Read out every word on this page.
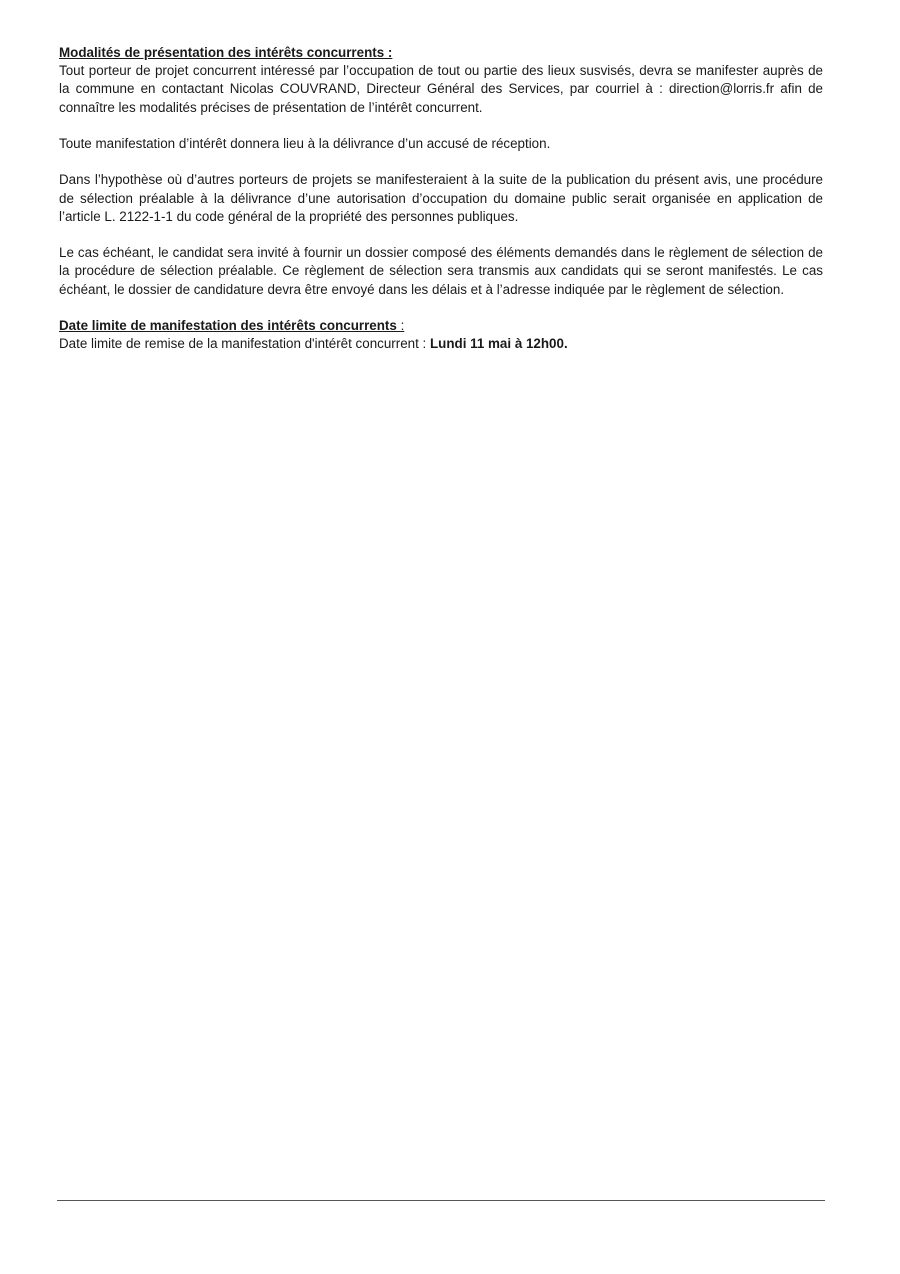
Modalités de présentation des intérêts concurrents :

Tout porteur de projet concurrent intéressé par l’occupation de tout ou partie des lieux susvisés, devra se manifester auprès de la commune en contactant Nicolas COUVRAND, Directeur Général des Services, par courriel à : direction@lorris.fr afin de connaître les modalités précises de présentation de l’intérêt concurrent.

Toute manifestation d’intérêt donnera lieu à la délivrance d’un accusé de réception.

Dans l’hypothèse où d’autres porteurs de projets se manifesteraient à la suite de la publication du présent avis, une procédure de sélection préalable à la délivrance d’une autorisation d’occupation du domaine public serait organisée en application de l’article L. 2122-1-1 du code général de la propriété des personnes publiques.

Le cas échéant, le candidat sera invité à fournir un dossier composé des éléments demandés dans le règlement de sélection de la procédure de sélection préalable. Ce règlement de sélection sera transmis aux candidats qui se seront manifestés. Le cas échéant, le dossier de candidature devra être envoyé dans les délais et à l’adresse indiquée par le règlement de sélection.

Date limite de manifestation des intérêts concurrents :

Date limite de remise de la manifestation d'intérêt concurrent : Lundi 11 mai à 12h00.
